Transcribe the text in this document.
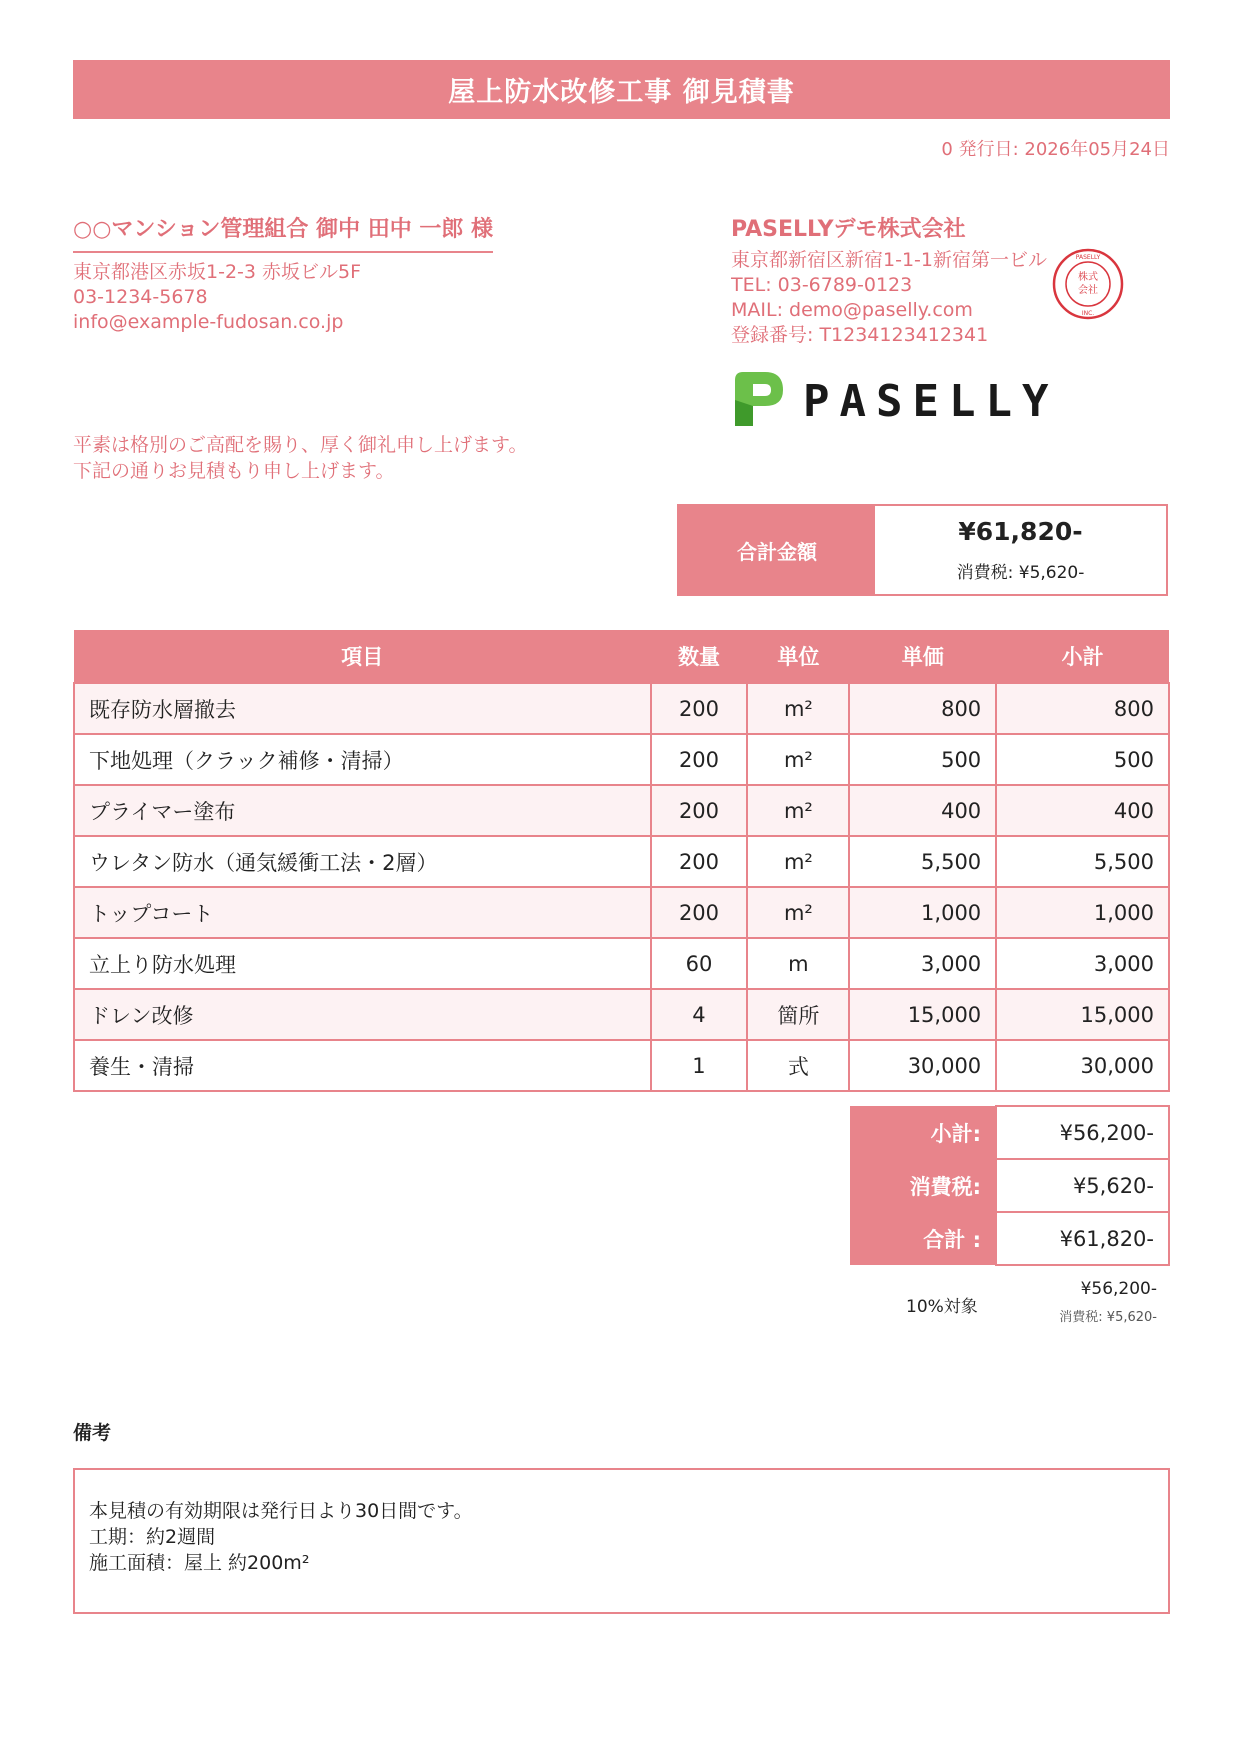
屋上防水改修工事 御見積書
0 発行日: 2026年05月24日
○○マンション管理組合 御中 田中 一郎 様
東京都港区赤坂1-2-3 赤坂ビル5F
03-1234-5678
info@example-fudosan.co.jp
PASELLYデモ株式会社
東京都新宿区新宿1-1-1新宿第一ビル
TEL: 03-6789-0123
MAIL: demo@paselly.com
登録番号: T1234123412341
株式
会社
PASELLY
INC.
PASELLY
平素は格別のご高配を賜り、厚く御礼申し上げます。
下記の通りお見積もり申し上げます。
合計金額
¥61,820-
消費税: ¥5,620-
項目	数量	単位	単価	小計
既存防水層撤去	200	m²	800	800
下地処理（クラック補修・清掃）	200	m²	500	500
プライマー塗布	200	m²	400	400
ウレタン防水（通気緩衝工法・2層）	200	m²	5,500	5,500
トップコート	200	m²	1,000	1,000
立上り防水処理	60	m	3,000	3,000
ドレン改修	4	箇所	15,000	15,000
養生・清掃	1	式	30,000	30,000
小計:	¥56,200-
消費税:	¥5,620-
合計 :	¥61,820-
10%対象
¥56,200-
消費税: ¥5,620-
備考
本見積の有効期限は発行日より30日間です。
工期：約2週間
施工面積：屋上 約200m²
